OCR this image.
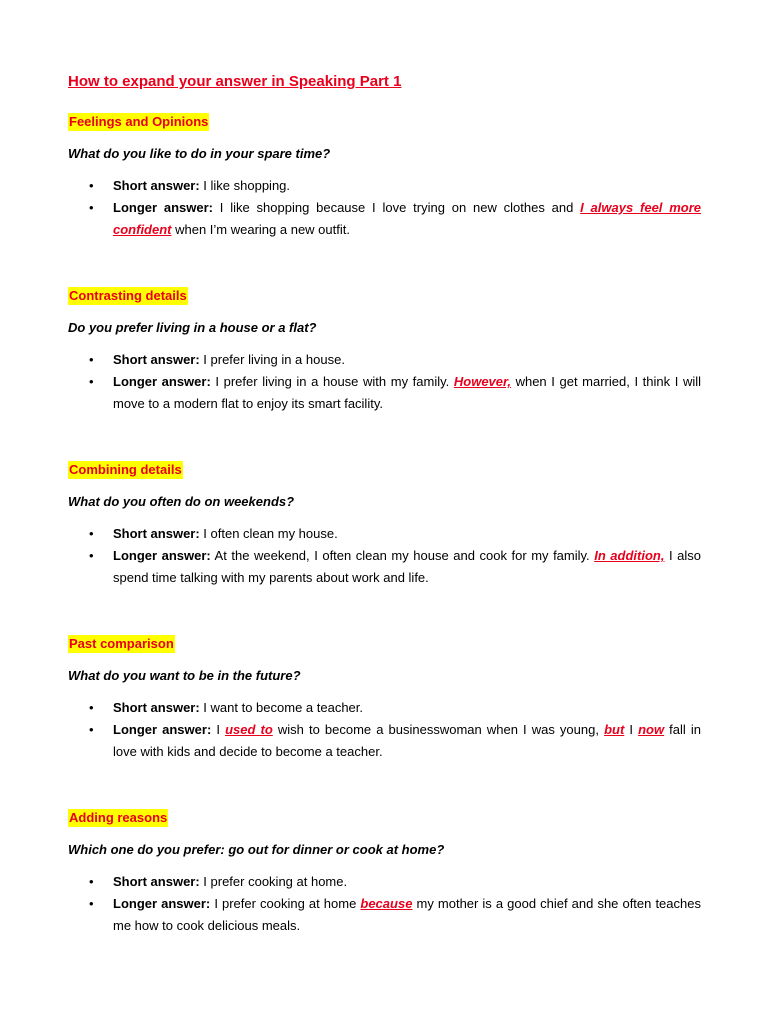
How to expand your answer in Speaking Part 1
Feelings and Opinions

What do you like to do in your spare time?

• Short answer: I like shopping.
• Longer answer: I like shopping because I love trying on new clothes and I always feel more confident when I’m wearing a new outfit.
Contrasting details

Do you prefer living in a house or a flat?

• Short answer: I prefer living in a house.
• Longer answer: I prefer living in a house with my family. However, when I get married, I think I will move to a modern flat to enjoy its smart facility.
Combining details

What do you often do on weekends?

• Short answer: I often clean my house.
• Longer answer: At the weekend, I often clean my house and cook for my family. In addition, I also spend time talking with my parents about work and life.
Past comparison

What do you want to be in the future?

• Short answer: I want to become a teacher.
• Longer answer: I used to wish to become a businesswoman when I was young, but I now fall in love with kids and decide to become a teacher.
Adding reasons

Which one do you prefer: go out for dinner or cook at home?

• Short answer: I prefer cooking at home.
• Longer answer: I prefer cooking at home because my mother is a good chief and she often teaches me how to cook delicious meals.
